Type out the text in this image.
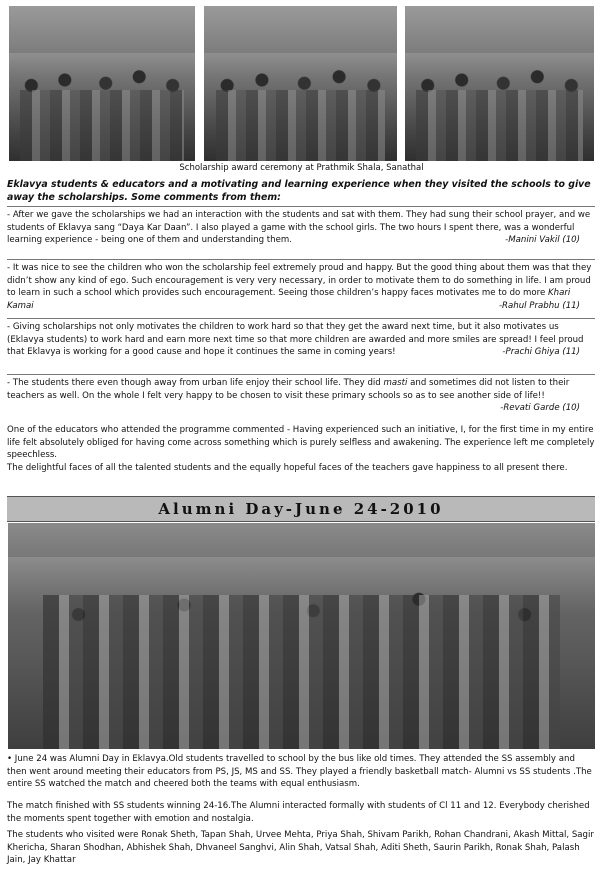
Scholarship award ceremony at Prathmik Shala, Sanathal
Eklavya students & educators and a motivating and learning experience when they visited the schools to give away the scholarships. Some comments from them:
- After we gave the scholarships we had an interaction with the students and sat with them. They had sung their school prayer, and we students of Eklavya sang “Daya Kar Daan”. I also played a game with the school girls. The two hours I spent there, was a wonderful learning experience - being one of them and understanding them.	-Manini Vakil (10)
- It was nice to see the children who won the scholarship feel extremely proud and happy. But the good thing about them was that they didn’t show any kind of ego. Such encouragement is very very necessary, in order to motivate them to do something in life. I am proud to learn in such a school which provides such encouragement. Seeing those children’s happy faces motivates me to do more Khari Kamai	-Rahul Prabhu (11)
- Giving scholarships not only motivates the children to work hard so that they get the award next time, but it also motivates us (Eklavya students) to work hard and earn more next time so that more children are awarded and more smiles are spread! I feel proud that Eklavya is working for a good cause and hope it continues the same in coming years!	-Prachi Ghiya (11)
- The students there even though away from urban life enjoy their school life. They did masti and sometimes did not listen to their teachers as well. On the whole I felt very happy to be chosen to visit these primary schools so as to see another side of life!!
-Revati Garde (10)
One of the educators who attended the programme commented - Having experienced such an initiative, I, for the first time in my entire life felt absolutely obliged for having come across something which is purely selfless and awakening. The experience left me completely speechless.
The delightful faces of all the talented students and the equally hopeful faces of the teachers gave happiness to all present there.
Alumni Day-June 24-2010
• June 24 was Alumni Day in Eklavya.Old students travelled to school by the bus like old times. They attended the SS assembly and then went around meeting their educators from PS, JS, MS and SS. They played a friendly basketball match- Alumni vs SS students .The entire SS watched the match and cheered both the teams with equal enthusiasm.
The match finished with SS students winning 24-16.The Alumni interacted formally with students of Cl 11 and 12. Everybody cherished the moments spent together with emotion and nostalgia.
The students who visited were Ronak Sheth, Tapan Shah, Urvee Mehta, Priya Shah, Shivam Parikh, Rohan Chandrani, Akash Mittal, Sagir Khericha, Sharan Shodhan, Abhishek Shah, Dhvaneel Sanghvi, Alin Shah, Vatsal Shah, Aditi Sheth, Saurin Parikh, Ronak Shah, Palash Jain, Jay Khattar
